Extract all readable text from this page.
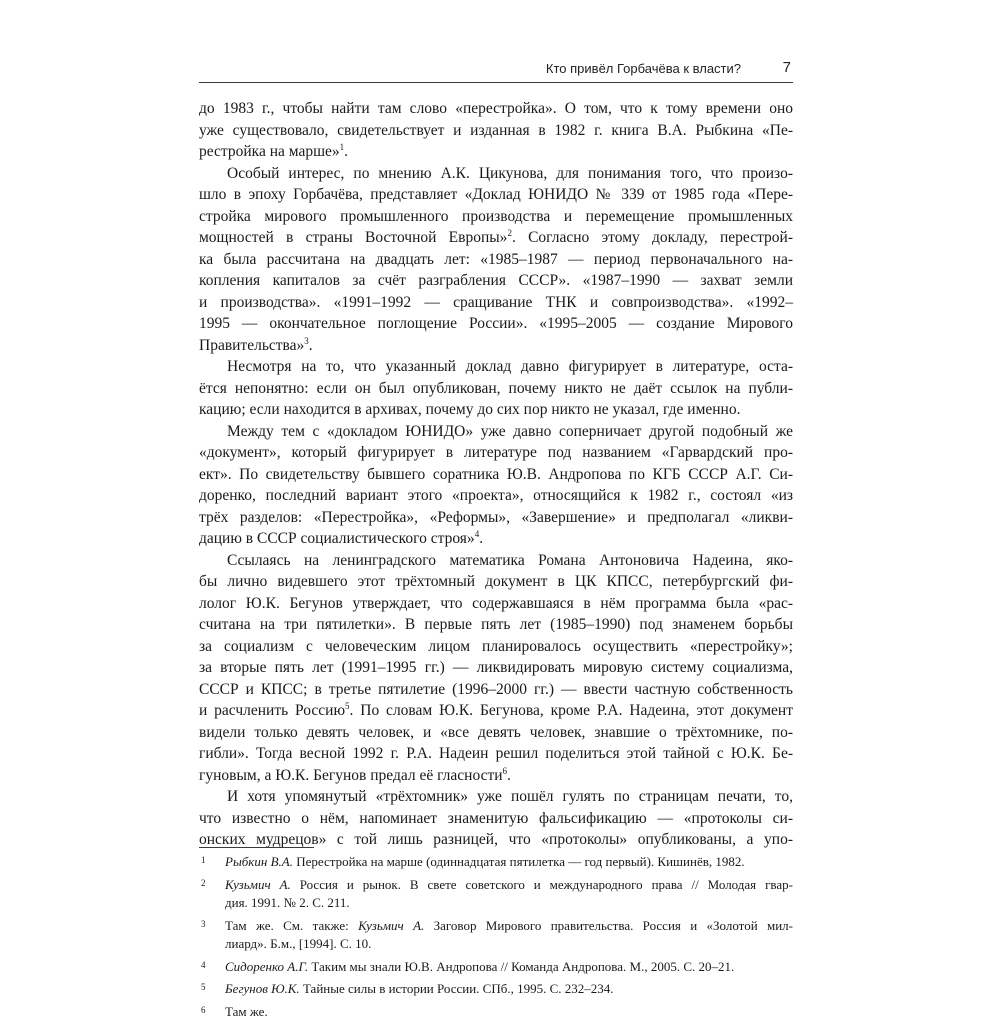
Кто привёл Горбачёва к власти?	7
до 1983 г., чтобы найти там слово «перестройка». О том, что к тому времени оно
уже существовало, свидетельствует и изданная в 1982 г. книга В.А. Рыбкина «Пе-
рестройка на марше»$^1$.
Особый интерес, по мнению А.К. Цикунова, для понимания того, что произо-
шло в эпоху Горбачёва, представляет «Доклад ЮНИДО № 339 от 1985 года «Пере-
стройка мирового промышленного производства и перемещение промышленных
мощностей в страны Восточной Европы»$^2$. Согласно этому докладу, перестрой-
ка была рассчитана на двадцать лет: «1985–1987 — период первоначального на-
копления капиталов за счёт разграбления СССР». «1987–1990 — захват земли
и производства». «1991–1992 — сращивание ТНК и совпроизводства». «1992–
1995 — окончательное поглощение России». «1995–2005 — создание Мирового
Правительства»$^3$.
Несмотря на то, что указанный доклад давно фигурирует в литературе, оста-
ётся непонятно: если он был опубликован, почему никто не даёт ссылок на публи-
кацию; если находится в архивах, почему до сих пор никто не указал, где именно.
Между тем с «докладом ЮНИДО» уже давно соперничает другой подобный же
«документ», который фигурирует в литературе под названием «Гарвардский про-
ект». По свидетельству бывшего соратника Ю.В. Андропова по КГБ СССР А.Г. Си-
доренко, последний вариант этого «проекта», относящийся к 1982 г., состоял «из
трёх разделов: «Перестройка», «Реформы», «Завершение» и предполагал «ликви-
дацию в СССР социалистического строя»$^4$.
Ссылаясь на ленинградского математика Романа Антоновича Надеина, яко-
бы лично видевшего этот трёхтомный документ в ЦК КПСС, петербургский фи-
лолог Ю.К. Бегунов утверждает, что содержавшаяся в нём программа была «рас-
считана на три пятилетки». В первые пять лет (1985–1990) под знаменем борьбы
за социализм с человеческим лицом планировалось осуществить «перестройку»;
за вторые пять лет (1991–1995 гг.) — ликвидировать мировую систему социализма,
СССР и КПСС; в третье пятилетие (1996–2000 гг.) — ввести частную собственность
и расчленить Россию$^5$. По словам Ю.К. Бегунова, кроме Р.А. Надеина, этот документ
видели только девять человек, и «все девять человек, знавшие о трёхтомнике, по-
гибли». Тогда весной 1992 г. Р.А. Надеин решил поделиться этой тайной с Ю.К. Бе-
гуновым, а Ю.К. Бегунов предал её гласности$^6$.
И хотя упомянутый «трёхтомник» уже пошёл гулять по страницам печати, то,
что известно о нём, напоминает знаменитую фальсификацию — «протоколы си-
онских мудрецов» с той лишь разницей, что «протоколы» опубликованы, а упо-
1 Рыбкин В.А. Перестройка на марше (одиннадцатая пятилетка — год первый). Кишинёв, 1982.
2 Кузьмич А. Россия и рынок. В свете советского и международного права // Молодая гвар-
дия. 1991. № 2. С. 211.
3 Там же. См. также: Кузьмич А. Заговор Мирового правительства. Россия и «Золотой мил-
лиард». Б.м., [1994]. С. 10.
4 Сидоренко А.Г. Таким мы знали Ю.В. Андропова // Команда Андропова. М., 2005. С. 20–21.
5 Бегунов Ю.К. Тайные силы в истории России. СПб., 1995. С. 232–234.
6 Там же.
